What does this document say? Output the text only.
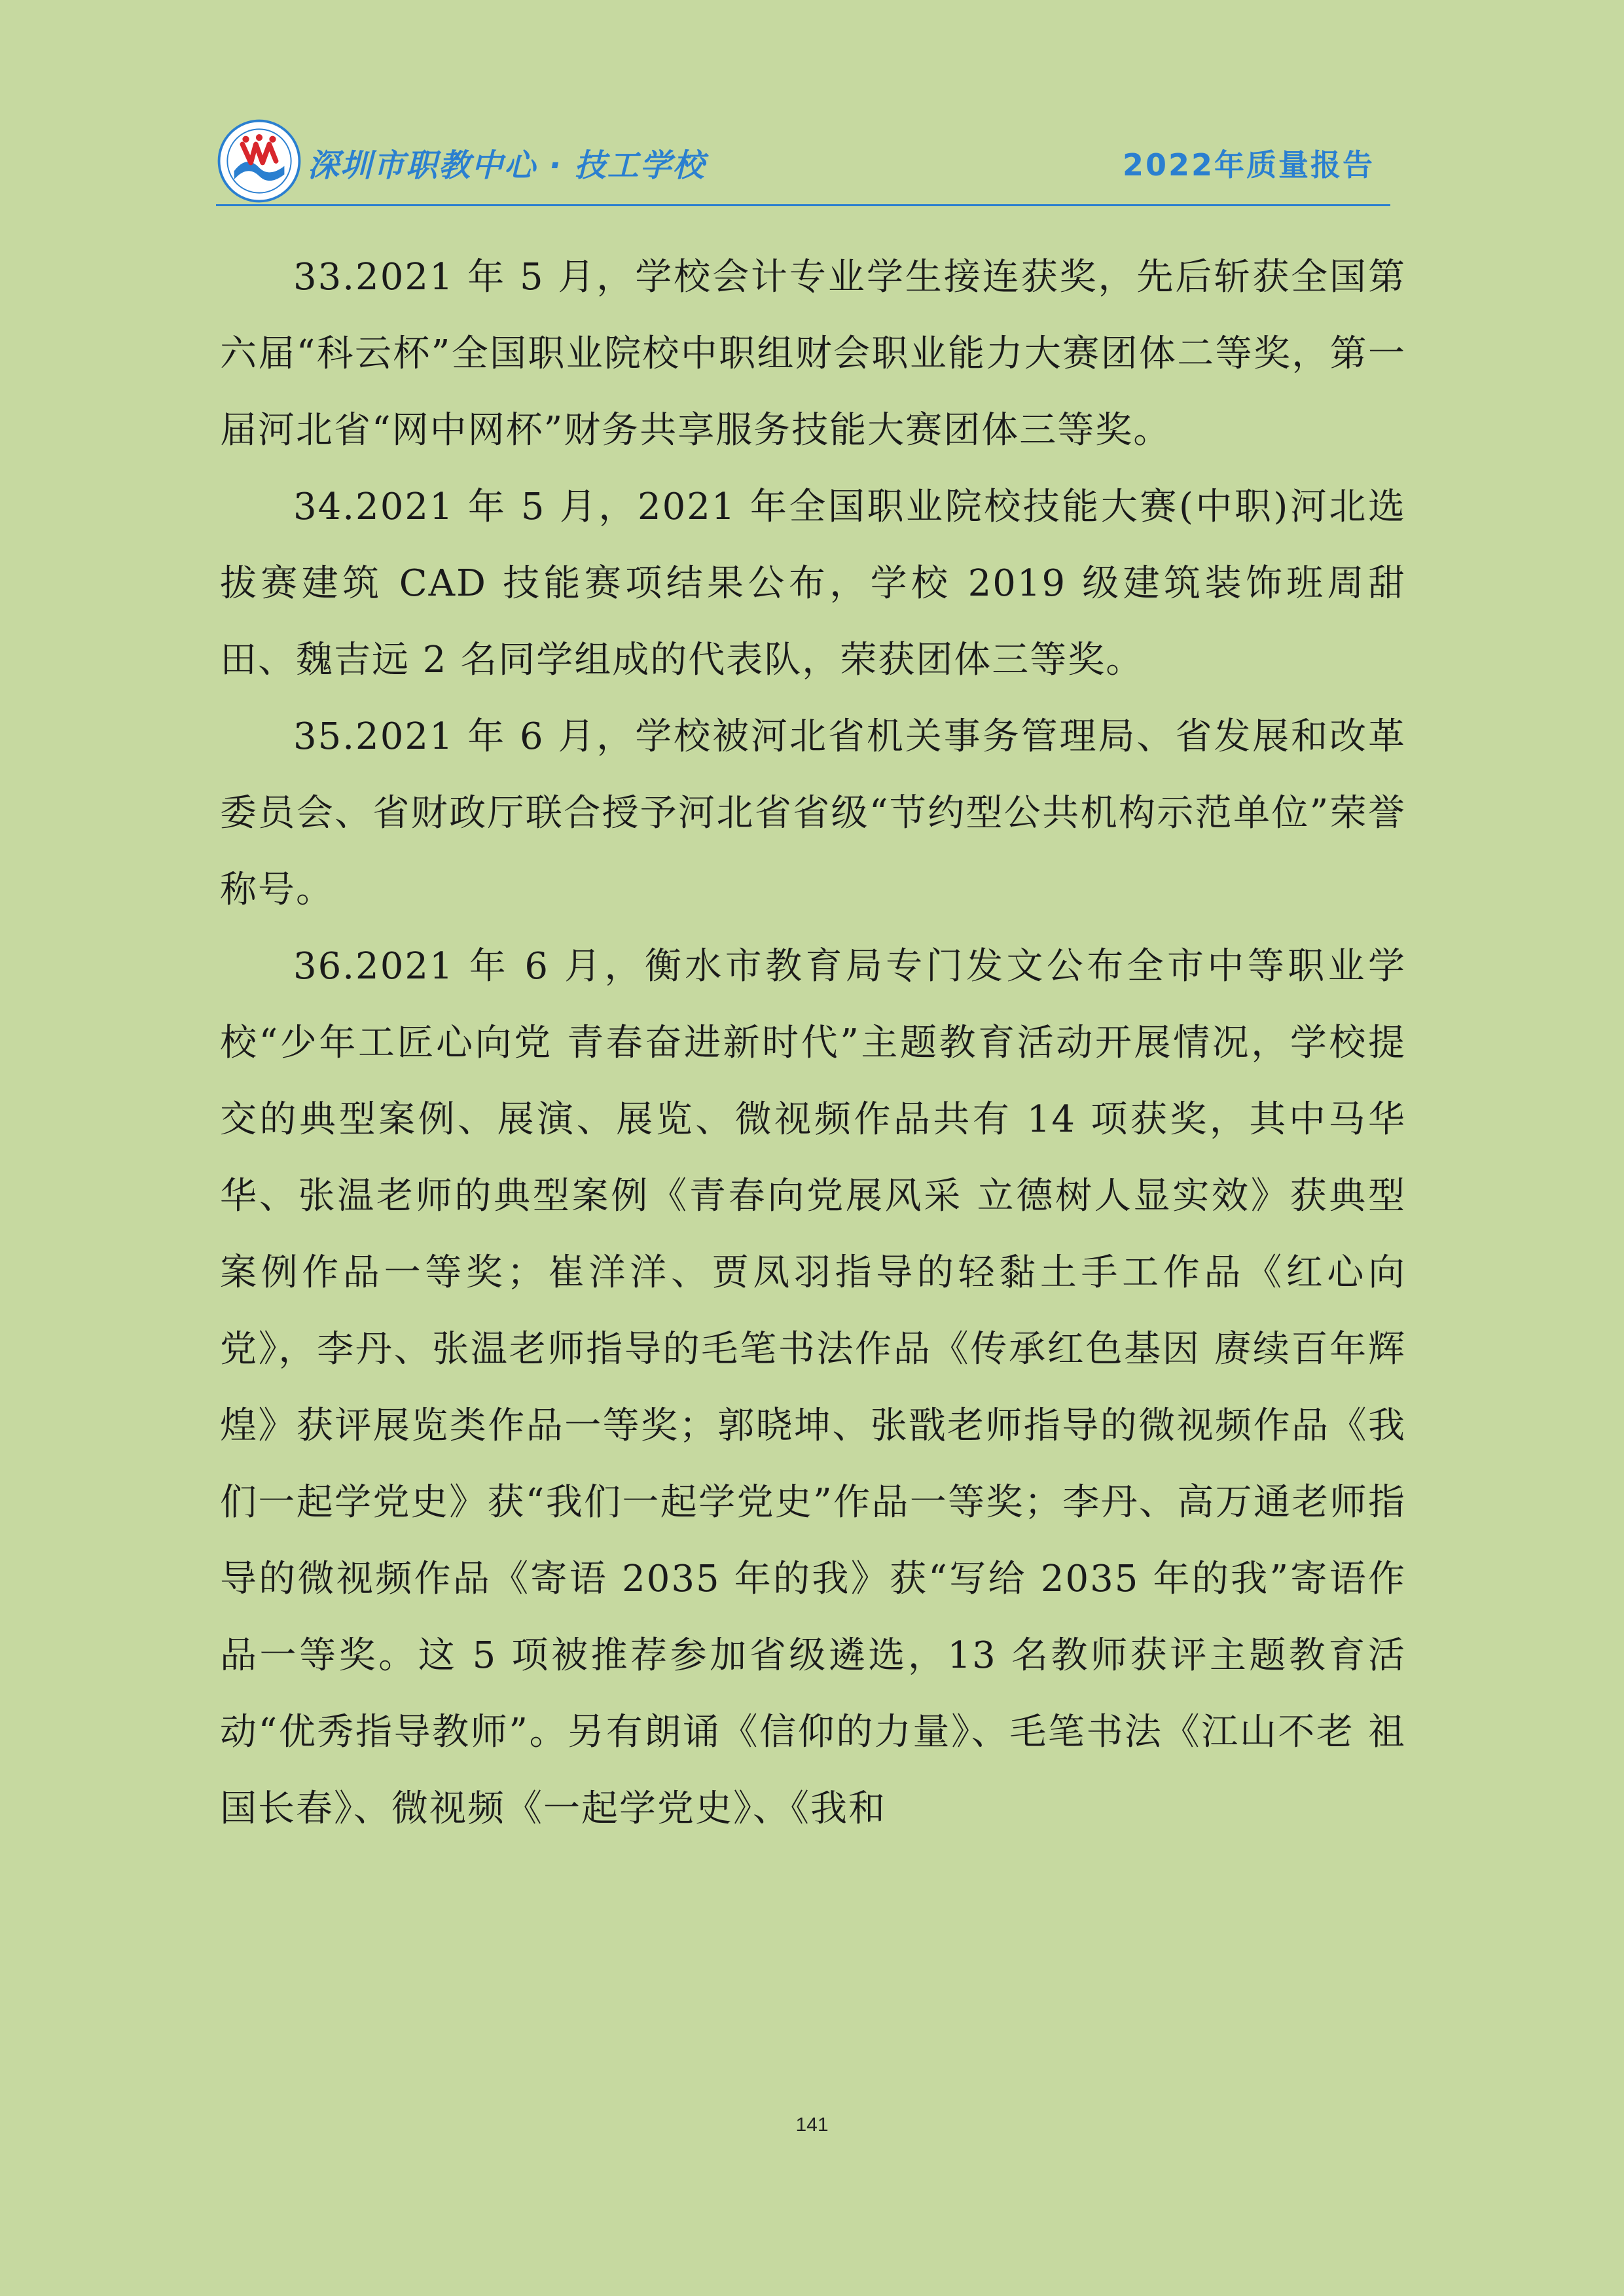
深圳市职教中心 · 技工学校	2022年质量报告

33.2021 年 5 月，学校会计专业学生接连获奖，先后斩获全国第六届“科云杯”全国职业院校中职组财会职业能力大赛团体二等奖，第一届河北省“网中网杯”财务共享服务技能大赛团体三等奖。

34.2021 年 5 月，2021 年全国职业院校技能大赛(中职)河北选拔赛建筑 CAD 技能赛项结果公布，学校 2019 级建筑装饰班周甜田、魏吉远 2 名同学组成的代表队，荣获团体三等奖。

35.2021 年 6 月，学校被河北省机关事务管理局、省发展和改革委员会、省财政厅联合授予河北省省级“节约型公共机构示范单位”荣誉称号。

36.2021 年 6 月，衡水市教育局专门发文公布全市中等职业学校“少年工匠心向党 青春奋进新时代”主题教育活动开展情况，学校提交的典型案例、展演、展览、微视频作品共有 14 项获奖，其中马华华、张温老师的典型案例《青春向党展风采 立德树人显实效》获典型案例作品一等奖；崔洋洋、贾凤羽指导的轻黏土手工作品《红心向党》，李丹、张温老师指导的毛笔书法作品《传承红色基因 赓续百年辉煌》获评展览类作品一等奖；郭晓坤、张戬老师指导的微视频作品《我们一起学党史》获“我们一起学党史”作品一等奖；李丹、高万通老师指导的微视频作品《寄语 2035 年的我》获“写给 2035 年的我”寄语作品一等奖。这 5 项被推荐参加省级遴选，13 名教师获评主题教育活动“优秀指导教师”。另有朗诵《信仰的力量》、毛笔书法《江山不老 祖国长春》、微视频《一起学党史》、《我和

141
